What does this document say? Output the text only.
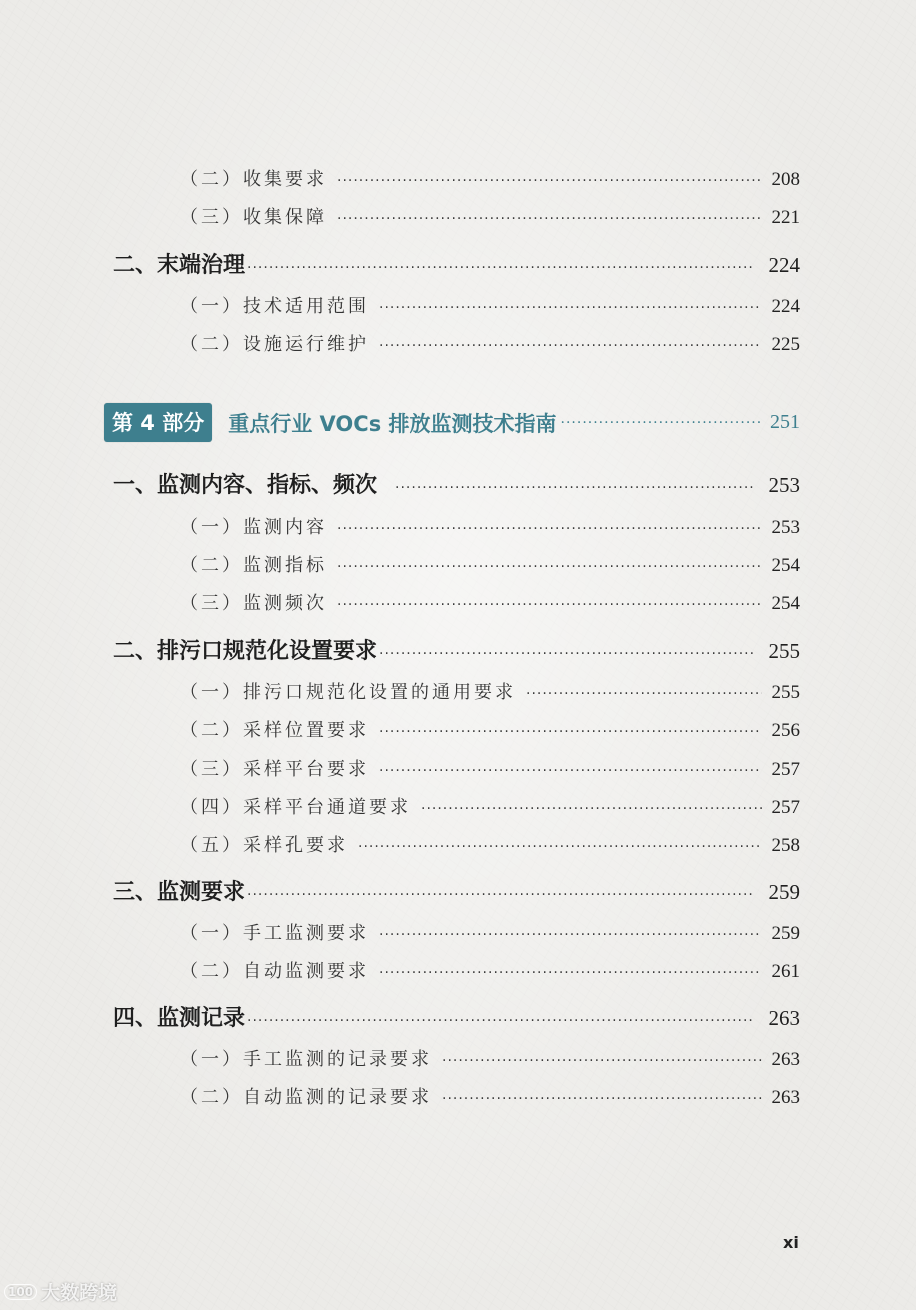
（二）收集要求 ·····	208
（三）收集保障 ·····	221
二、末端治理 ·····	224
（一）技术适用范围 ·····	224
（二）设施运行维护 ·····	225
第 4 部分	重点行业 VOCs 排放监测技术指南 ·····	251
一、监测内容、指标、频次 ·····	253
（一）监测内容 ·····	253
（二）监测指标 ·····	254
（三）监测频次 ·····	254
二、排污口规范化设置要求 ·····	255
（一）排污口规范化设置的通用要求 ·····	255
（二）采样位置要求 ·····	256
（三）采样平台要求 ·····	257
（四）采样平台通道要求 ·····	257
（五）采样孔要求 ·····	258
三、监测要求 ·····	259
（一）手工监测要求 ·····	259
（二）自动监测要求 ·····	261
四、监测记录 ·····	263
（一）手工监测的记录要求 ·····	263
（二）自动监测的记录要求 ·····	263
xi
100 大数跨境
